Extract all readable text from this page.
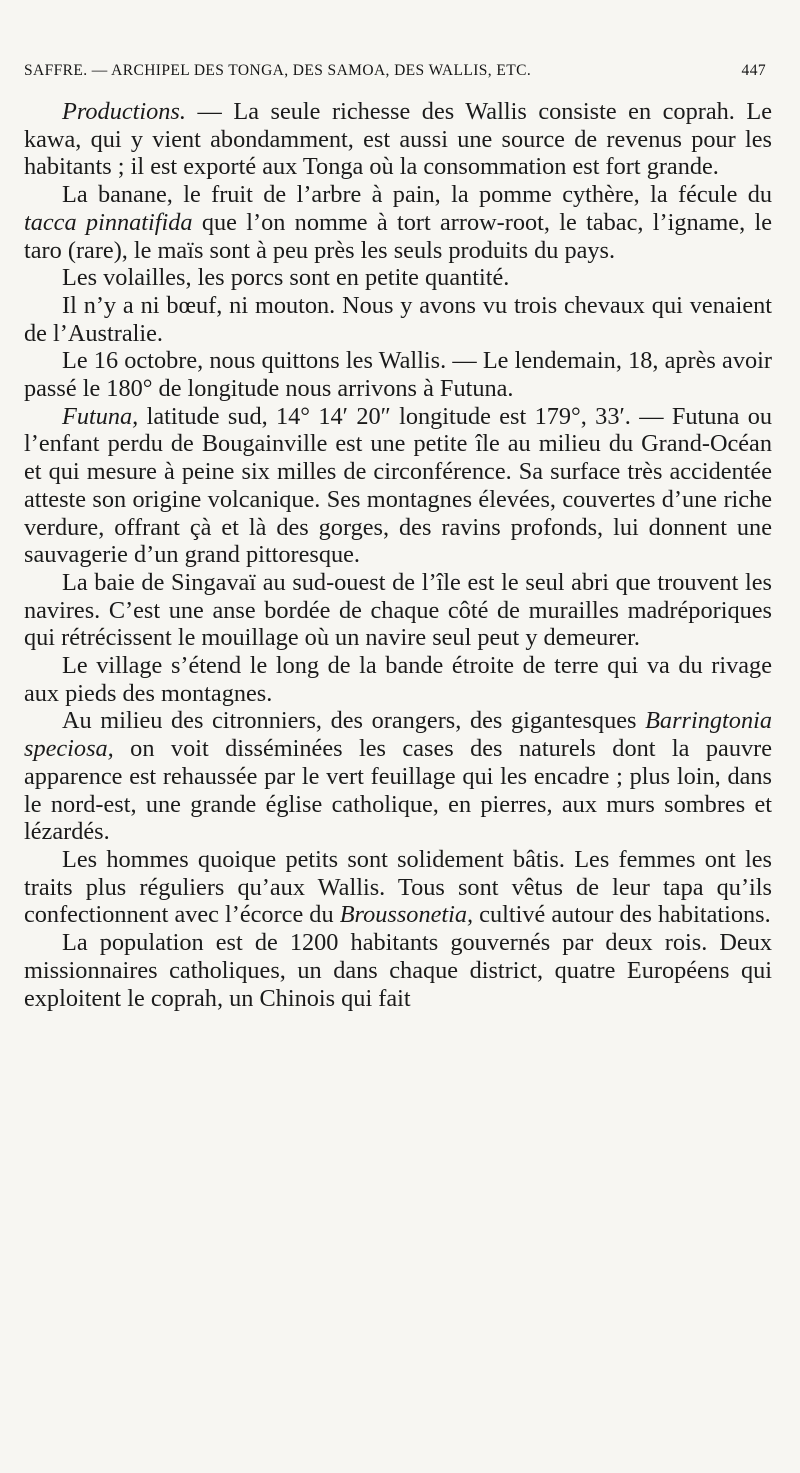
SAFFRE. — ARCHIPEL DES TONGA, DES SAMOA, DES WALLIS, ETC.	447

Productions. — La seule richesse des Wallis consiste en coprah. Le kawa, qui y vient abondamment, est aussi une source de revenus pour les habitants ; il est exporté aux Tonga où la consommation est fort grande.

La banane, le fruit de l’arbre à pain, la pomme cythère, la fécule du tacca pinnatifida que l’on nomme à tort arrow-root, le tabac, l’igname, le taro (rare), le maïs sont à peu près les seuls produits du pays.

Les volailles, les porcs sont en petite quantité.

Il n’y a ni bœuf, ni mouton. Nous y avons vu trois chevaux qui venaient de l’Australie.

Le 16 octobre, nous quittons les Wallis. — Le lendemain, 18, après avoir passé le 180° de longitude nous arrivons à Futuna.

Futuna, latitude sud, 14° 14′ 20″ longitude est 179°, 33′. — Futuna ou l’enfant perdu de Bougainville est une petite île au milieu du Grand-Océan et qui mesure à peine six milles de circonférence. Sa surface très accidentée atteste son origine volcanique. Ses montagnes élevées, couvertes d’une riche verdure, offrant çà et là des gorges, des ravins profonds, lui donnent une sauvagerie d’un grand pittoresque.

La baie de Singavaï au sud-ouest de l’île est le seul abri que trouvent les navires. C’est une anse bordée de chaque côté de murailles madréporiques qui rétrécissent le mouillage où un navire seul peut y demeurer.

Le village s’étend le long de la bande étroite de terre qui va du rivage aux pieds des montagnes.

Au milieu des citronniers, des orangers, des gigantesques Barringtonia speciosa, on voit disséminées les cases des naturels dont la pauvre apparence est rehaussée par le vert feuillage qui les encadre ; plus loin, dans le nord-est, une grande église catholique, en pierres, aux murs sombres et lézardés.

Les hommes quoique petits sont solidement bâtis. Les femmes ont les traits plus réguliers qu’aux Wallis. Tous sont vêtus de leur tapa qu’ils confectionnent avec l’écorce du Broussonetia, cultivé autour des habitations.

La population est de 1200 habitants gouvernés par deux rois. Deux missionnaires catholiques, un dans chaque district, quatre Européens qui exploitent le coprah, un Chinois qui fait
